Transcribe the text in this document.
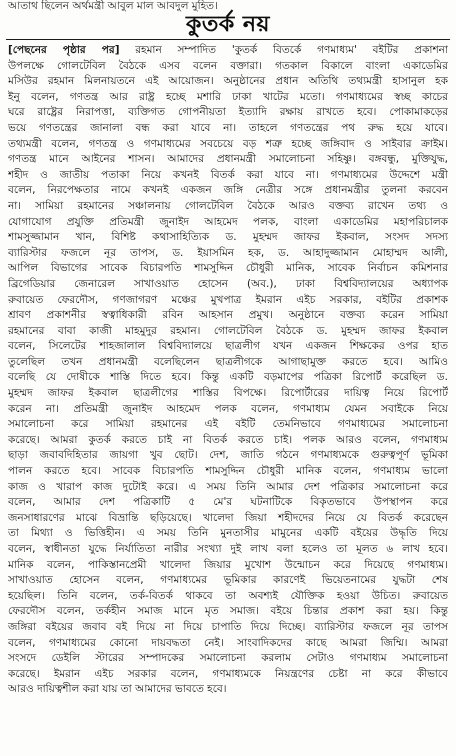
আতাথ ছিলেন অর্থমন্ত্রী আবুল মাল আবদুল মুহিত।
কুতর্ক নয়
[পেছনের পৃষ্ঠার পর] রহমান সম্পাদিত 'কুতর্ক বিতর্কে গণমাধ্যম' বইটির প্রকাশনা
উপলক্ষে গোলটেবিল বৈঠকে এসব বলেন বক্তারা। গতকাল বিকালে বাংলা একাডেমির
মসিউর রহমান মিলনায়তনে এই আয়োজন। অনুষ্ঠানের প্রধান অতিথি তথ্যমন্ত্রী হাসানুল হক
ইনু বলেন, গণতন্ত্র আর রাষ্ট্র হচ্ছে মশারি ঢাকা খাটের মতো। গণমাধ্যমের স্বচ্ছ কাচের
ঘরে রাষ্ট্রের নিরাপত্তা, ব্যক্তিগত গোপনীয়তা ইত্যাদি রক্ষায় রাখতে হবে। পোকামাকড়ের
ভয়ে গণতন্ত্রের জানালা বন্ধ করা যাবে না। তাহলে গণতন্ত্রের পথ রুদ্ধ হয়ে যাবে।
তথ্যমন্ত্রী বলেন, গণতন্ত্র ও গণমাধ্যমের সবচেয়ে বড় শত্রু হচ্ছে জঙ্গিবাদ ও সাইবার ক্রাইম।
গণতন্ত্র মানে আইনের শাসন। আমাদের প্রধানমন্ত্রী সমালোচনা সহিষ্ণু। বঙ্গবন্ধু, মুক্তিযুদ্ধ,
শহীদ ও জাতীয় পতাকা নিয়ে কখনই বিতর্ক করা যাবে না। গণমাধ্যমের উদ্দেশে মন্ত্রী
বলেন, নিরপেক্ষতার নামে কখনই একজন জঙ্গি নেত্রীর সঙ্গে প্রধানমন্ত্রীর তুলনা করবেন
না। সামিয়া রহমানের সঞ্চালনায় গোলটেবিল বৈঠকে আরও বক্তব্য রাখেন তথ্য ও
যোগাযোগ প্রযুক্তি প্রতিমন্ত্রী জুনাইদ আহমেদ পলক, বাংলা একাডেমির মহাপরিচালক
শামসুজ্জামান খান, বিশিষ্ট কথাসাহিত্যিক ড. মুহম্মদ জাফর ইকবাল, সংসদ সদস্য
ব্যারিস্টার ফজলে নূর তাপস, ড. ইয়াসমিন হক, ড. আহাদুজ্জামান মোহাম্মদ আলী,
আপিল বিভাগের সাবেক বিচারপতি শামসুদ্দিন চৌধুরী মানিক, সাবেক নির্বাচন কমিশনার
ব্রিগেডিয়ার জেনারেল সাখাওয়াত হোসেন (অব.), ঢাকা বিশ্ববিদ্যালয়ের অধ্যাপক
রুবায়েত ফেরদৌস, গণজাগরণ মঞ্চের মুখপাত্র ইমরান এইচ সরকার, বইটির প্রকাশক
শ্রাবণ প্রকাশনীর স্বত্বাধিকারী রবিন আহসান প্রমুখ। অনুষ্ঠানে বক্তব্য করেন সামিয়া
রহমানের বাবা কাজী মাহমুদুর রহমান। গোলটেবিল বৈঠকে ড. মুহম্মদ জাফর ইকবাল
বলেন, সিলেটের শাহজালাল বিশ্ববিদ্যালয়ে ছাত্রলীগ যখন একজন শিক্ষকের ওপর হাত
তুলেছিল তখন প্রধানমন্ত্রী বলেছিলেন ছাত্রলীগকে আগাছামুক্ত করতে হবে। আমিও
বলেছি যে দোষীকে শাস্তি দিতে হবে। কিন্তু একটি বড়মাপের পত্রিকা রিপোর্ট করেছিল ড.
মুহম্মদ জাফর ইকবাল ছাত্রলীগের শাস্তির বিপক্ষে। রিপোর্টারের দায়িত্ব নিয়ে রিপোর্ট
করেন না। প্রতিমন্ত্রী জুনাইদ আহমেদ পলক বলেন, গণমাধ্যম যেমন সবাইকে নিয়ে
সমালোচনা করে সামিয়া রহমানের এই বইটি তেমনিভাবে গণমাধ্যমের সমালোচনা
করেছে। আমরা কুতর্ক করতে চাই না বিতর্ক করতে চাই। পলক আরও বলেন, গণমাধ্যম
ছাড়া জবাবদিহিতার জায়গা খুব ছোট। দেশ, জাতি গঠনে গণমাধ্যমকে গুরুত্বপূর্ণ ভূমিকা
পালন করতে হবে। সাবেক বিচারপতি শামসুদ্দিন চৌধুরী মানিক বলেন, গণমাধ্যম ভালো
কাজ ও খারাপ কাজ দুটোই করে। এ সময় তিনি আমার দেশ পত্রিকার সমালোচনা করে
বলেন, আমার দেশ পত্রিকাটি ৫ মে'র ঘটনাটিকে বিকৃতভাবে উপস্থাপন করে
জনসাধারণের মাঝে বিভ্রান্তি ছড়িয়েছে। খালেদা জিয়া শহীদদের নিয়ে যে বিতর্ক করেছেন
তা মিথ্যা ও ভিত্তিহীন। এ সময় তিনি মুনতাসীর মামুনের একটি বইয়ের উদ্ধৃতি দিয়ে
বলেন, স্বাধীনতা যুদ্ধে নির্যাতিতা নারীর সংখ্যা দুই লাখ বলা হলেও তা মূলত ৬ লাখ হবে।
মানিক বলেন, পাকিস্তানপ্রেমী খালেদা জিয়ার মুখোশ উন্মোচন করে দিয়েছে গণমাধ্যম।
সাখাওয়াত হোসেন বলেন, গণমাধ্যমের ভূমিকার কারণেই ভিয়েতনামের যুদ্ধটা শেষ
হয়েছিল। তিনি বলেন, তর্ক-বিতর্ক থাকবে তা অবশ্যই যৌক্তিক হওয়া উচিত। রুবায়েত
ফেরদৌস বলেন, তর্কহীন সমাজ মানে মৃত সমাজ। বইয়ে চিন্তার প্রকাশ করা হয়। কিন্তু
জঙ্গিরা বইয়ের জবাব বই দিয়ে না দিয়ে চাপাতি দিয়ে দিচ্ছে। ব্যারিস্টার ফজলে নূর তাপস
বলেন, গণমাধ্যমের কোনো দায়বদ্ধতা নেই। সাংবাদিকদের কাছে আমরা জিম্মি। আমরা
সংসদে ডেইলি স্টারের সম্পাদকের সমালোচনা করলাম সেটাও গণমাধ্যম সমালোচনা
করেছে। ইমরান এইচ সরকার বলেন, গণমাধ্যমকে নিয়ন্ত্রণের চেষ্টা না করে কীভাবে
আরও দায়িত্বশীল করা যায় তা আমাদের ভাবতে হবে।
